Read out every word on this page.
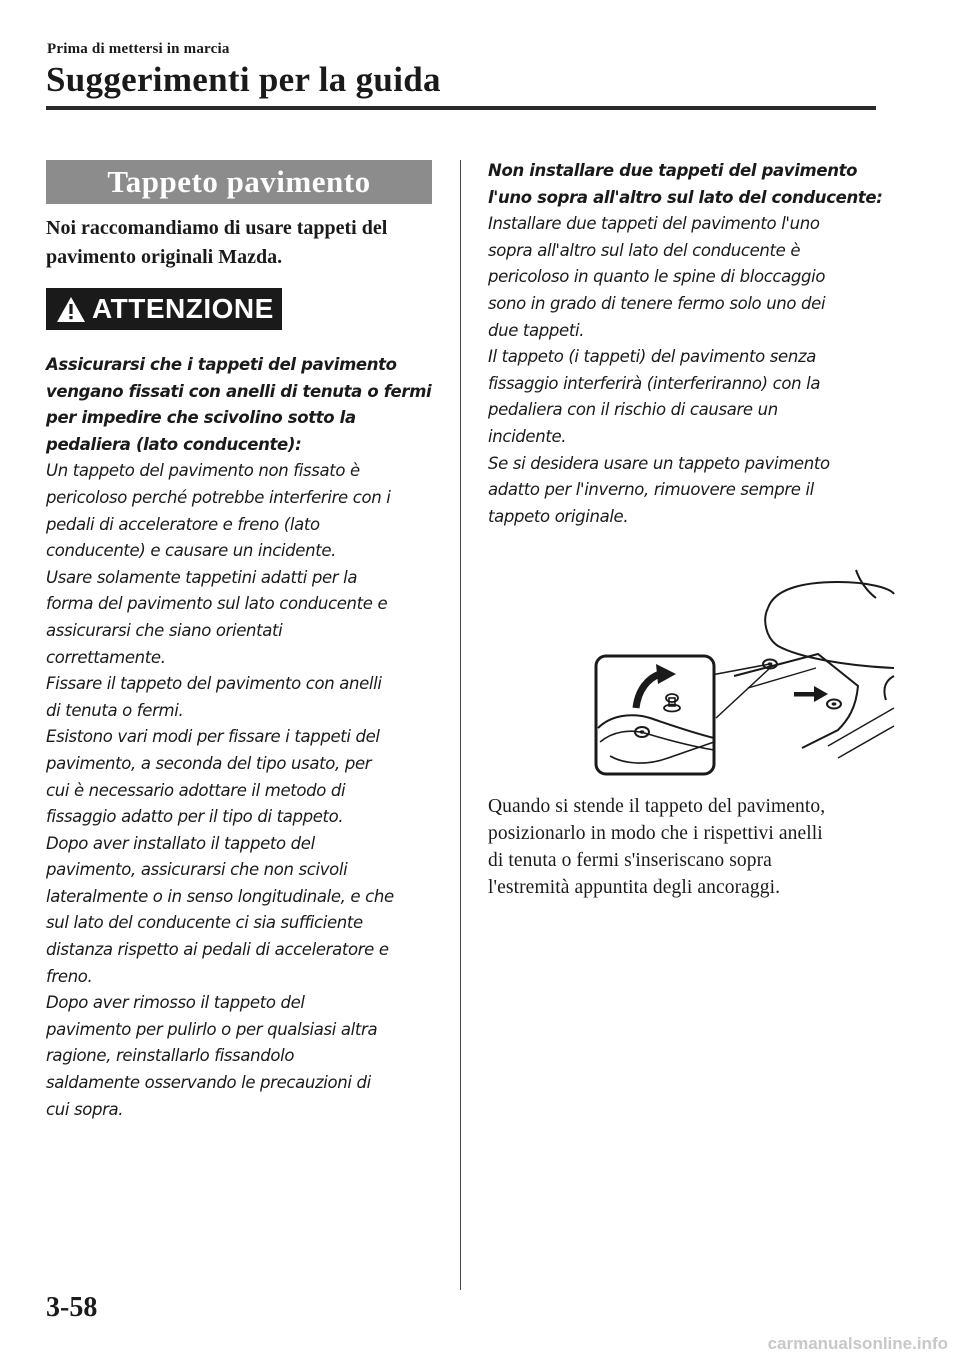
Prima di mettersi in marcia
Suggerimenti per la guida
Tappeto pavimento
Noi raccomandiamo di usare tappeti del
pavimento originali Mazda.
ATTENZIONE

Assicurarsi che i tappeti del pavimento
vengano fissati con anelli di tenuta o fermi
per impedire che scivolino sotto la
pedaliera (lato conducente):

Un tappeto del pavimento non fissato è
pericoloso perché potrebbe interferire con i
pedali di acceleratore e freno (lato
conducente) e causare un incidente.
Usare solamente tappetini adatti per la
forma del pavimento sul lato conducente e
assicurarsi che siano orientati
correttamente.
Fissare il tappeto del pavimento con anelli
di tenuta o fermi.
Esistono vari modi per fissare i tappeti del
pavimento, a seconda del tipo usato, per
cui è necessario adottare il metodo di
fissaggio adatto per il tipo di tappeto.
Dopo aver installato il tappeto del
pavimento, assicurarsi che non scivoli
lateralmente o in senso longitudinale, e che
sul lato del conducente ci sia sufficiente
distanza rispetto ai pedali di acceleratore e
freno.
Dopo aver rimosso il tappeto del
pavimento per pulirlo o per qualsiasi altra
ragione, reinstallarlo fissandolo
saldamente osservando le precauzioni di
cui sopra.

Non installare due tappeti del pavimento
l'uno sopra all'altro sul lato del conducente:

Installare due tappeti del pavimento l'uno
sopra all'altro sul lato del conducente è
pericoloso in quanto le spine di bloccaggio
sono in grado di tenere fermo solo uno dei
due tappeti.
Il tappeto (i tappeti) del pavimento senza
fissaggio interferirà (interferiranno) con la
pedaliera con il rischio di causare un
incidente.
Se si desidera usare un tappeto pavimento
adatto per l'inverno, rimuovere sempre il
tappeto originale.

Quando si stende il tappeto del pavimento,
posizionarlo in modo che i rispettivi anelli
di tenuta o fermi s'inseriscano sopra
l'estremità appuntita degli ancoraggi.
3-58
carmanualsonline.info
